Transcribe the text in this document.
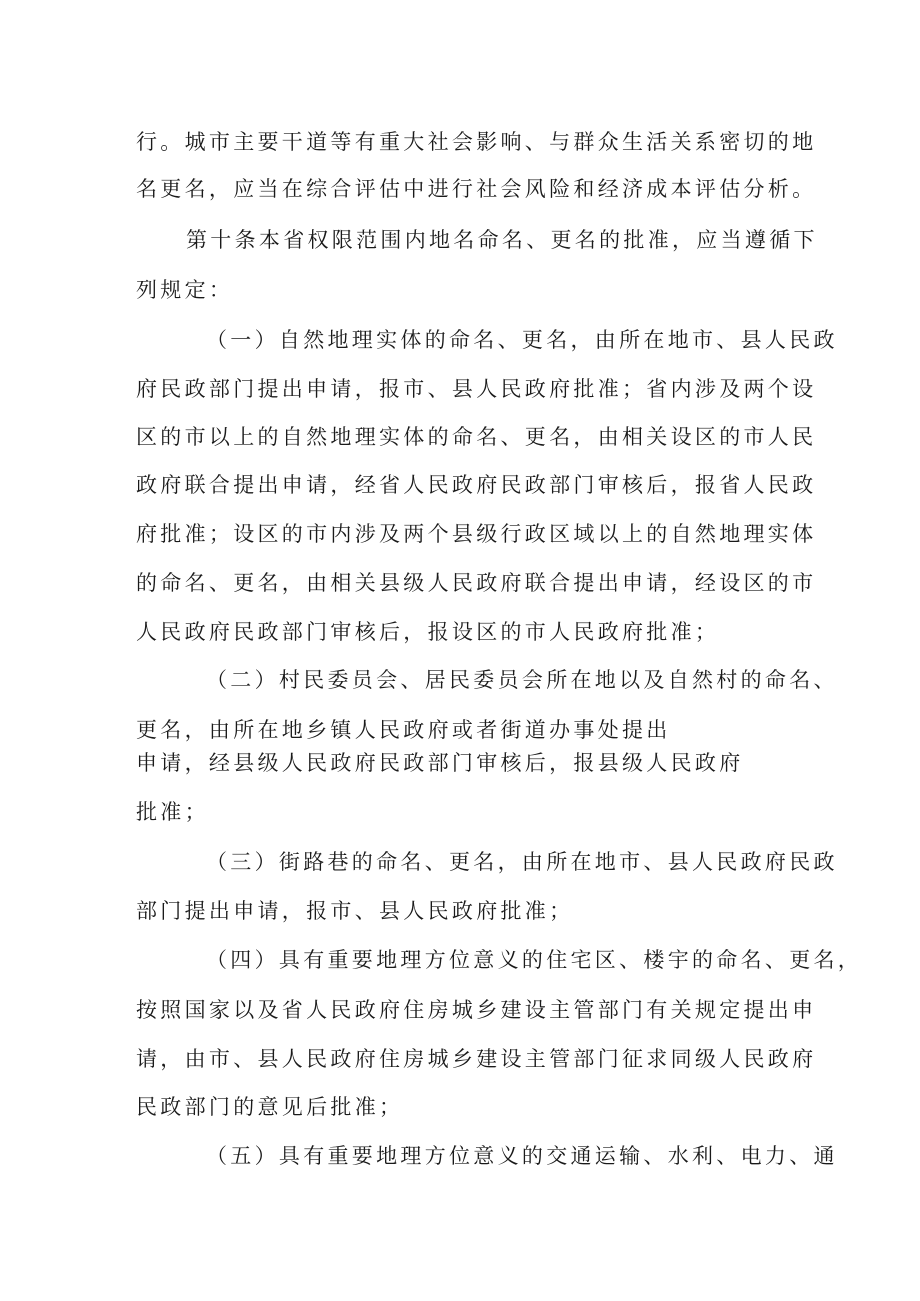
行。城市主要干道等有重大社会影响、与群众生活关系密切的地

名更名，应当在综合评估中进行社会风险和经济成本评估分析。

第十条本省权限范围内地名命名、更名的批准，应当遵循下

列规定：

（一）自然地理实体的命名、更名，由所在地市、县人民政

府民政部门提出申请，报市、县人民政府批准；省内涉及两个设

区的市以上的自然地理实体的命名、更名，由相关设区的市人民

政府联合提出申请，经省人民政府民政部门审核后，报省人民政

府批准；设区的市内涉及两个县级行政区域以上的自然地理实体

的命名、更名，由相关县级人民政府联合提出申请，经设区的市

人民政府民政部门审核后，报设区的市人民政府批准；

（二）村民委员会、居民委员会所在地以及自然村的命名、

更名，由所在地乡镇人民政府或者街道办事处提出

申请，经县级人民政府民政部门审核后，报县级人民政府

批准；

（三）街路巷的命名、更名，由所在地市、县人民政府民政

部门提出申请，报市、县人民政府批准；

（四）具有重要地理方位意义的住宅区、楼宇的命名、更名，

按照国家以及省人民政府住房城乡建设主管部门有关规定提出申

请，由市、县人民政府住房城乡建设主管部门征求同级人民政府

民政部门的意见后批准；

（五）具有重要地理方位意义的交通运输、水利、电力、通
